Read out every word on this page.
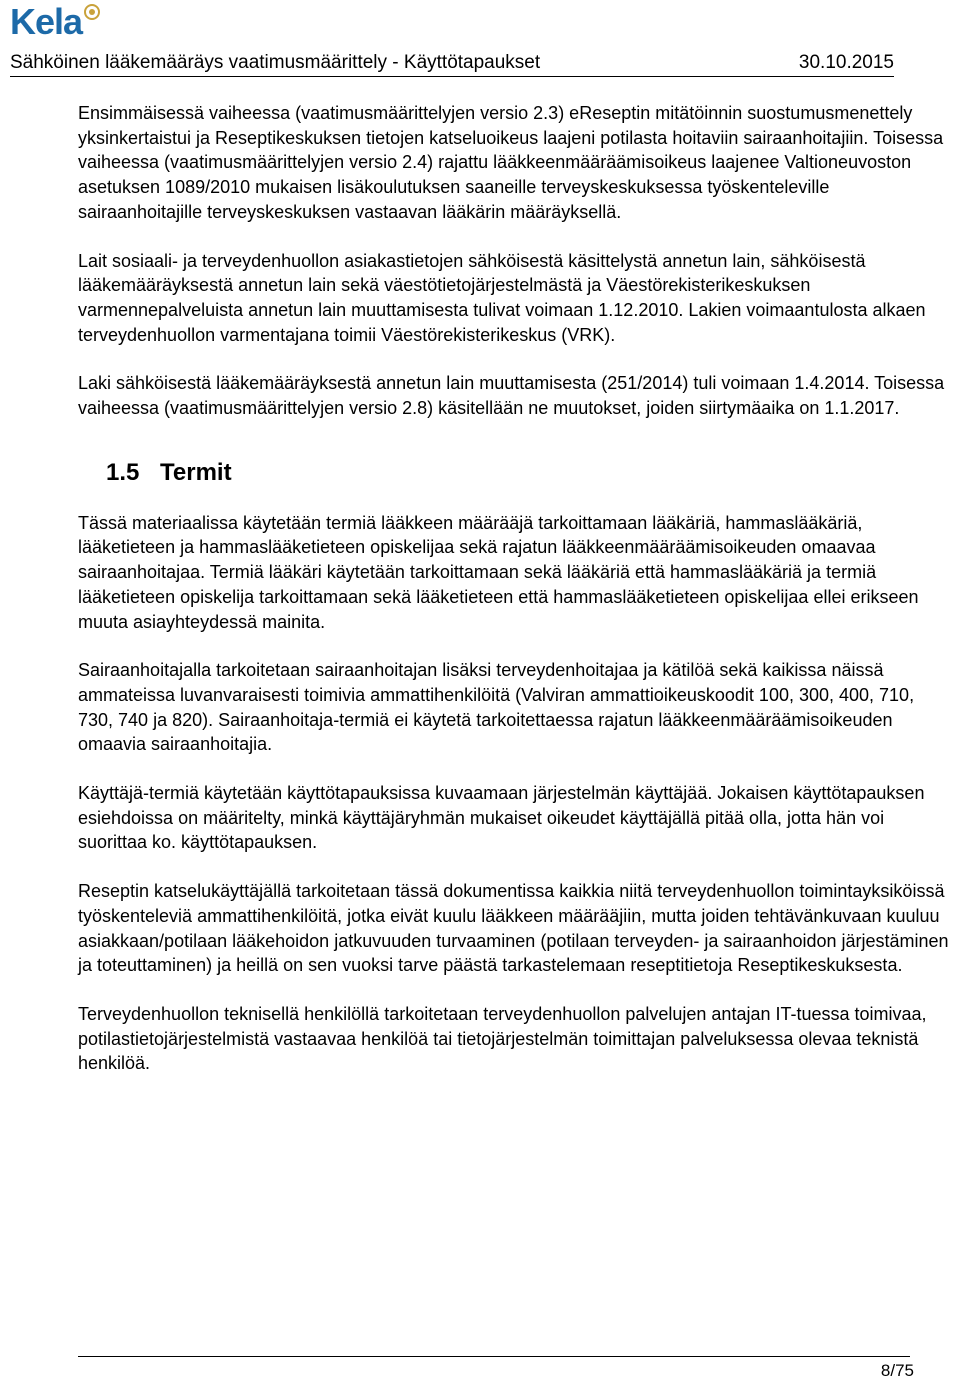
Kela
Sähköinen lääkemääräys vaatimusmäärittely - Käyttötapaukset	30.10.2015

Ensimmäisessä vaiheessa (vaatimusmäärittelyjen versio 2.3) eReseptin mitätöinnin suostumusmenettely yksinkertaistui ja Reseptikeskuksen tietojen katseluoikeus laajeni potilasta hoitaviin sairaanhoitajiin. Toisessa vaiheessa (vaatimusmäärittelyjen versio 2.4) rajattu lääkkeenmääräämisoikeus laajenee Valtioneuvoston asetuksen 1089/2010 mukaisen lisäkoulutuksen saaneille terveyskeskuksessa työskenteleville sairaanhoitajille terveyskeskuksen vastaavan lääkärin määräyksellä.

Lait sosiaali- ja terveydenhuollon asiakastietojen sähköisestä käsittelystä annetun lain, sähköisestä lääkemääräyksestä annetun lain sekä väestötietojärjestelmästä ja Väestörekisterikeskuksen varmennepalveluista annetun lain muuttamisesta tulivat voimaan 1.12.2010. Lakien voimaantulosta alkaen terveydenhuollon varmentajana toimii Väestörekisterikeskus (VRK).

Laki sähköisestä lääkemääräyksestä annetun lain muuttamisesta (251/2014) tuli voimaan 1.4.2014. Toisessa vaiheessa (vaatimusmäärittelyjen versio 2.8) käsitellään ne muutokset, joiden siirtymäaika on 1.1.2017.

1.5 Termit

Tässä materiaalissa käytetään termiä lääkkeen määrääjä tarkoittamaan lääkäriä, hammaslääkäriä, lääketieteen ja hammaslääketieteen opiskelijaa sekä rajatun lääkkeenmääräämisoikeuden omaavaa sairaanhoitajaa. Termiä lääkäri käytetään tarkoittamaan sekä lääkäriä että hammaslääkäriä ja termiä lääketieteen opiskelija tarkoittamaan sekä lääketieteen että hammaslääketieteen opiskelijaa ellei erikseen muuta asiayhteydessä mainita.

Sairaanhoitajalla tarkoitetaan sairaanhoitajan lisäksi terveydenhoitajaa ja kätilöä sekä kaikissa näissä ammateissa luvanvaraisesti toimivia ammattihenkilöitä (Valviran ammattioikeuskoodit 100, 300, 400, 710, 730, 740 ja 820). Sairaanhoitaja-termiä ei käytetä tarkoitettaessa rajatun lääkkeenmääräämisoikeuden omaavia sairaanhoitajia.

Käyttäjä-termiä käytetään käyttötapauksissa kuvaamaan järjestelmän käyttäjää. Jokaisen käyttötapauksen esiehdoissa on määritelty, minkä käyttäjäryhmän mukaiset oikeudet käyttäjällä pitää olla, jotta hän voi suorittaa ko. käyttötapauksen.

Reseptin katselukäyttäjällä tarkoitetaan tässä dokumentissa kaikkia niitä terveydenhuollon toimintayksiköissä työskenteleviä ammattihenkilöitä, jotka eivät kuulu lääkkeen määrääjiin, mutta joiden tehtävänkuvaan kuuluu asiakkaan/potilaan lääkehoidon jatkuvuuden turvaaminen (potilaan terveyden- ja sairaanhoidon järjestäminen ja toteuttaminen) ja heillä on sen vuoksi tarve päästä tarkastelemaan reseptitietoja Reseptikeskuksesta.

Terveydenhuollon teknisellä henkilöllä tarkoitetaan terveydenhuollon palvelujen antajan IT-tuessa toimivaa, potilastietojärjestelmistä vastaavaa henkilöä tai tietojärjestelmän toimittajan palveluksessa olevaa teknistä henkilöä.

8/75
